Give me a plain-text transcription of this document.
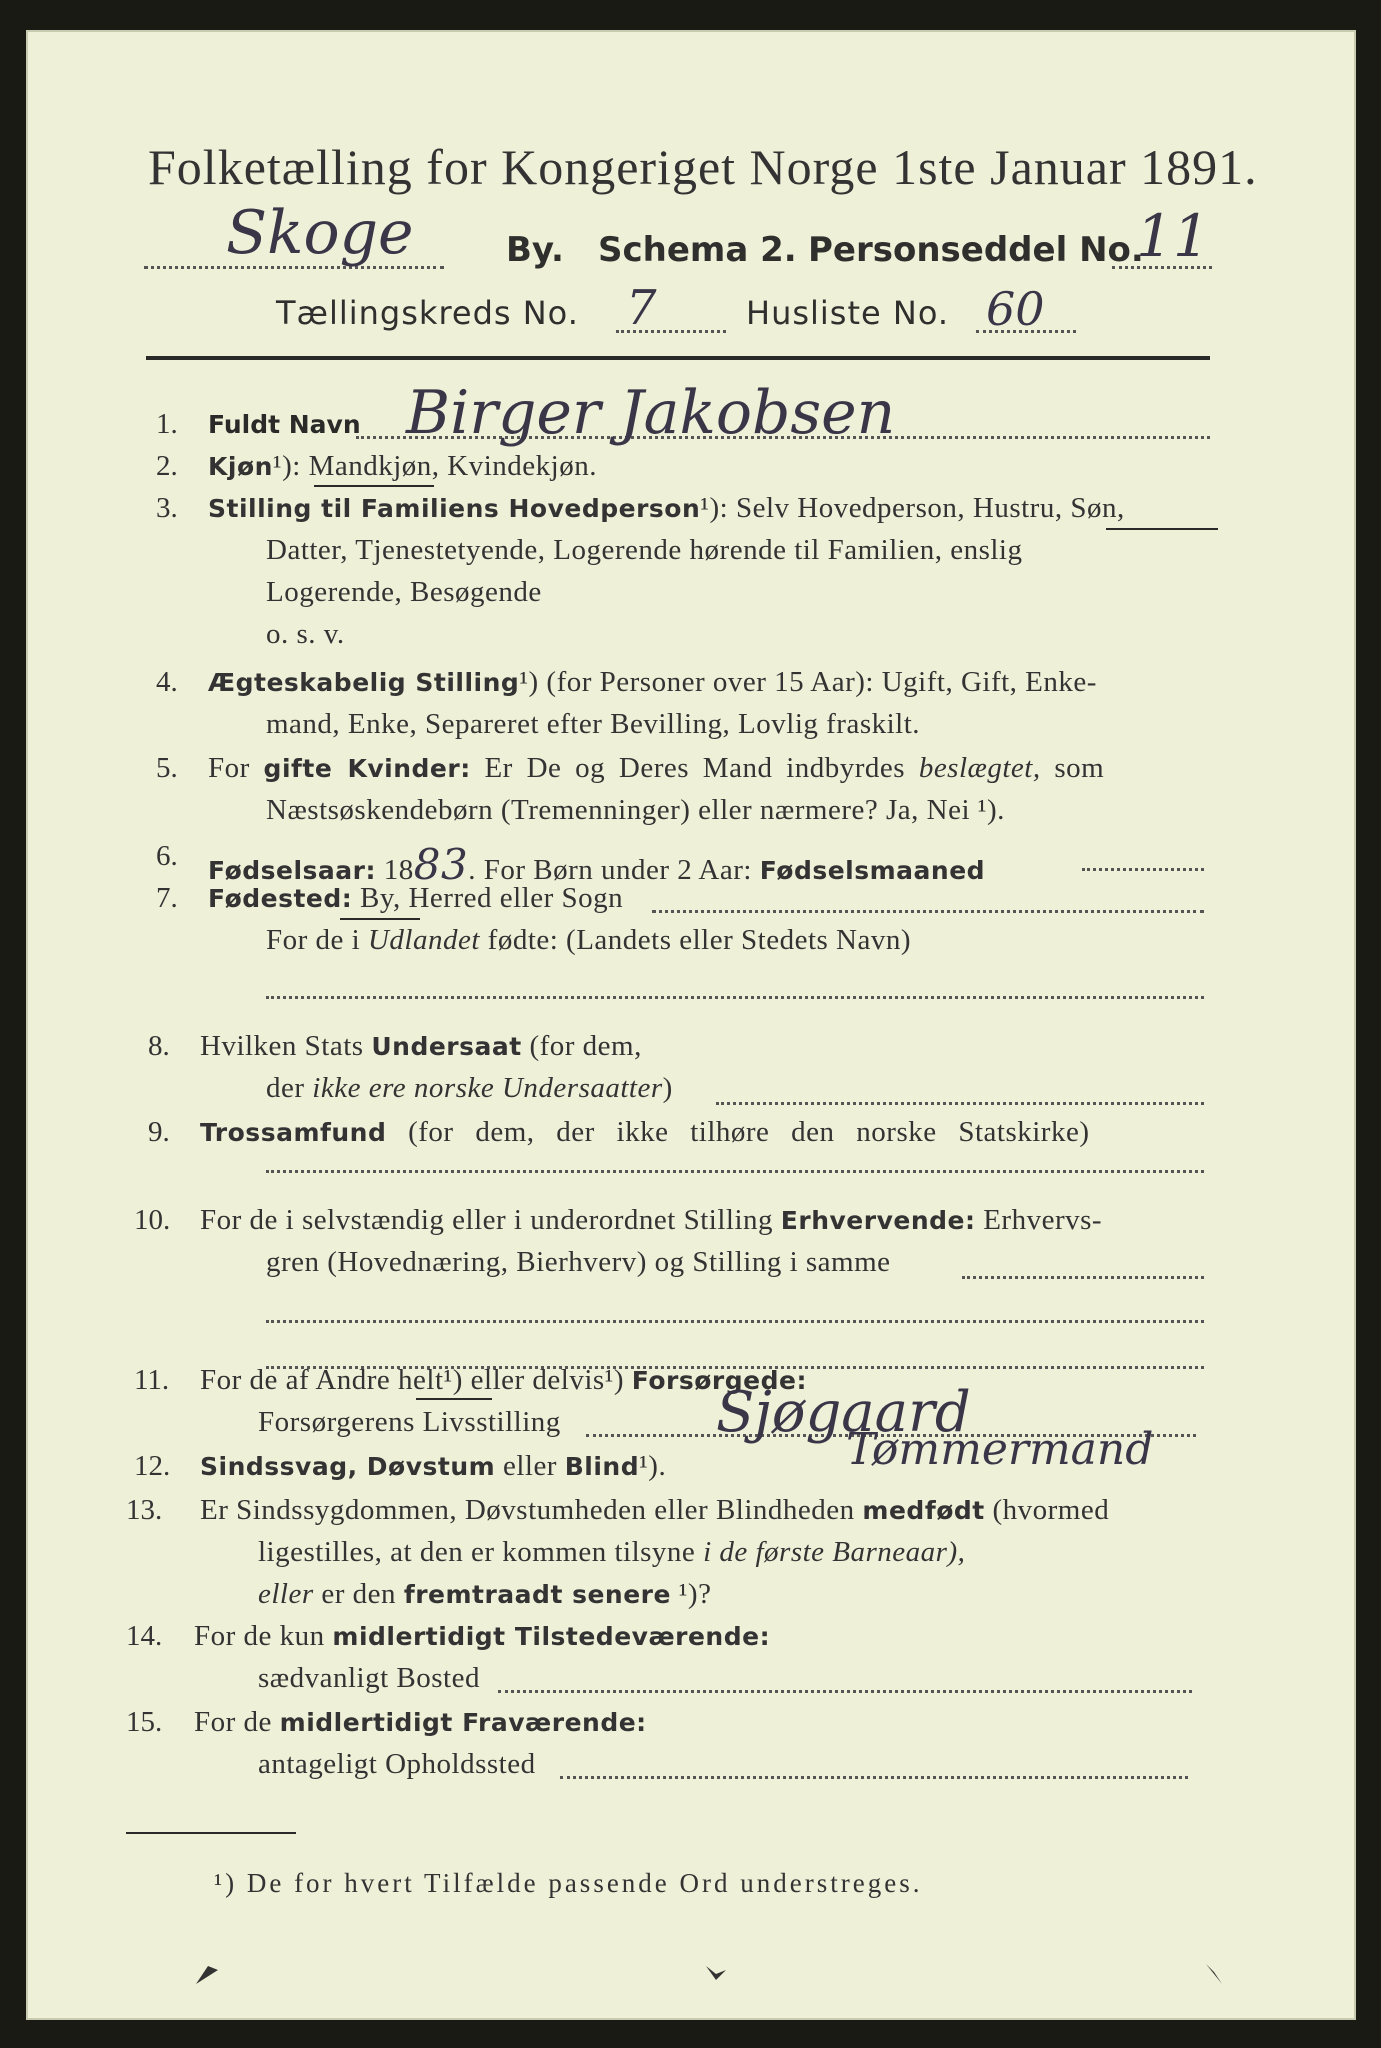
Folketælling for Kongeriget Norge 1ste Januar 1891.
Skoge	By. Schema 2. Personseddel No.
11
Tællingskreds No. 7	Husliste No. 60
1. Fuldt Navn Birger Jakobsen
2. Kjøn¹): Mandkjøn, Kvindekjøn.
3. Stilling til Familiens Hovedperson¹): Selv Hovedperson, Hustru, Søn,
Datter, Tjenestetyende, Logerende hørende til Familien, enslig
Logerende, Besøgende
o. s. v.
4. Ægteskabelig Stilling¹) (for Personer over 15 Aar): Ugift, Gift, Enke-
mand, Enke, Separeret efter Bevilling, Lovlig fraskilt.
5. For gifte Kvinder: Er De og Deres Mand indbyrdes beslægtet, som
Næstsøskendebørn (Tremenninger) eller nærmere? Ja, Nei ¹).
6. Fødselsaar: 1883. For Børn under 2 Aar: Fødselsmaaned
7. Fødested: By, Herred eller Sogn
For de i Udlandet fødte: (Landets eller Stedets Navn)
8. Hvilken Stats Undersaat (for dem,
der ikke ere norske Undersaatter)
9. Trossamfund (for dem, der ikke tilhøre den norske Statskirke)
10. For de i selvstændig eller i underordnet Stilling Erhvervende: Erhvervs-
gren (Hovednæring, Bierhverv) og Stilling i samme
11. For de af Andre helt¹) eller delvis¹) Forsørgede:
Forsørgerens Livsstilling	Sjøgaard
Tømmermand
12. Sindssvag, Døvstum eller Blind¹).
13. Er Sindssygdommen, Døvstumheden eller Blindheden medfødt (hvormed
ligestilles, at den er kommen tilsyne i de første Barneaar),
eller er den fremtraadt senere ¹)?
14. For de kun midlertidigt Tilstedeværende:
sædvanligt Bosted
15. For de midlertidigt Fraværende:
antageligt Opholdssted
¹) De for hvert Tilfælde passende Ord understreges.
